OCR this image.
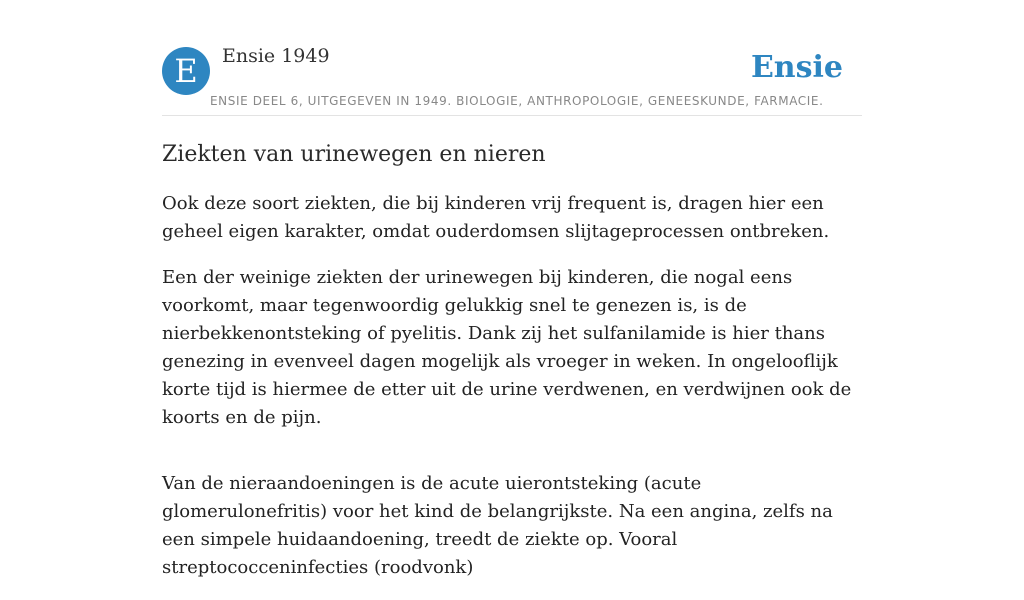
E	Ensie 1949	Ensie
ENSIE DEEL 6, UITGEGEVEN IN 1949. BIOLOGIE, ANTHROPOLOGIE, GENEESKUNDE, FARMACIE.
Ziekten van urinewegen en nieren

Ook deze soort ziekten, die bij kinderen vrij frequent is, dragen hier een geheel eigen karakter, omdat ouderdomsen slijtageprocessen ontbreken.

Een der weinige ziekten der urinewegen bij kinderen, die nogal eens voorkomt, maar tegenwoordig gelukkig snel te genezen is, is de nierbekkenontsteking of pyelitis. Dank zij het sulfanilamide is hier thans genezing in evenveel dagen mogelijk als vroeger in weken. In ongelooflijk korte tijd is hiermee de etter uit de urine verdwenen, en verdwijnen ook de koorts en de pijn.

Van de nieraandoeningen is de acute uierontsteking (acute glomerulonefritis) voor het kind de belangrijkste. Na een angina, zelfs na een simpele huidaandoening, treedt de ziekte op. Vooral streptococceninfecties (roodvonk)
